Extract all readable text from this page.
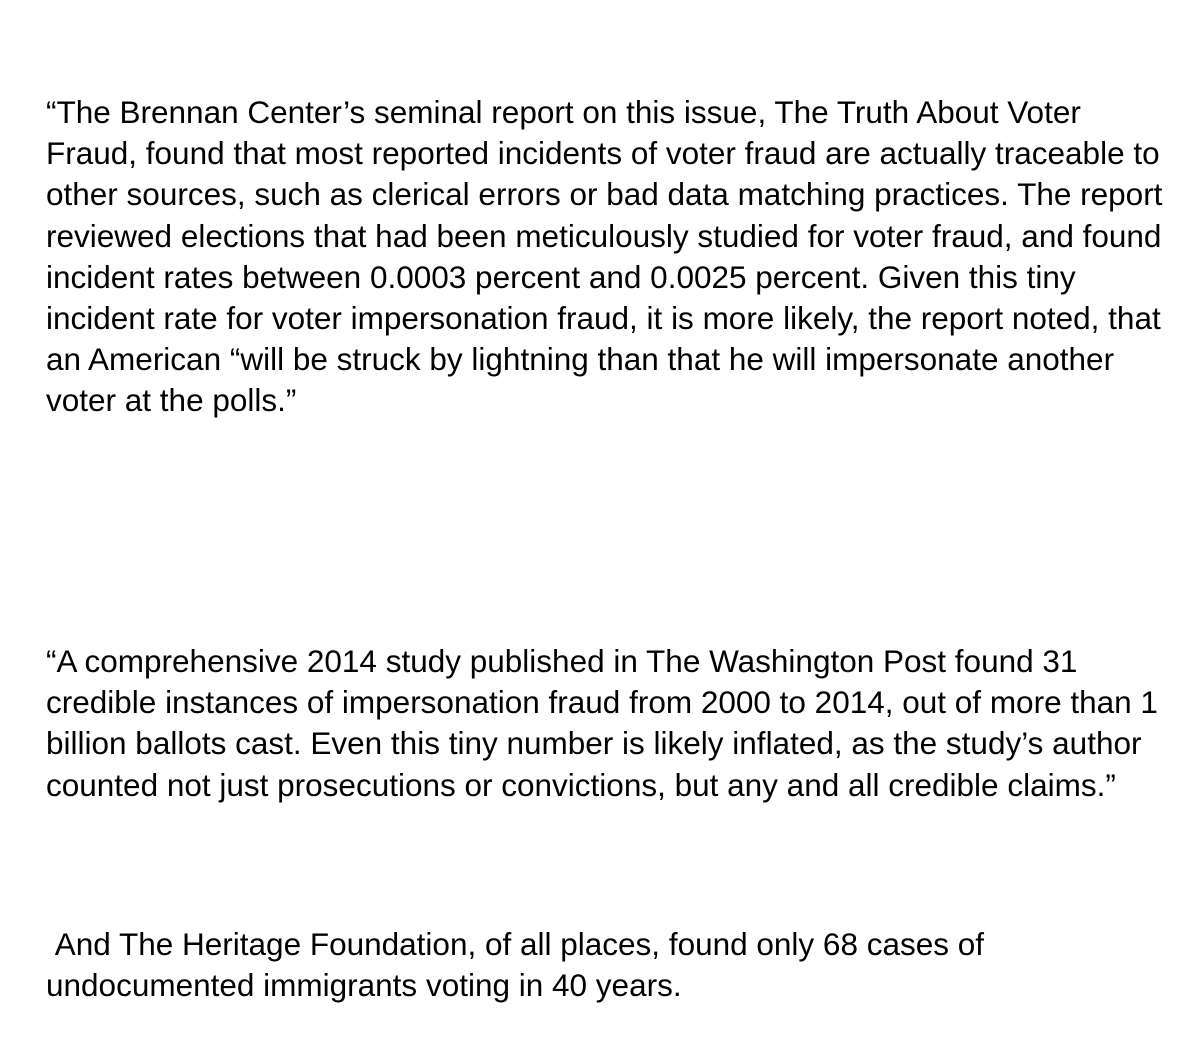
“The Brennan Center’s seminal report on this issue, The Truth About Voter Fraud, found that most reported incidents of voter fraud are actually traceable to other sources, such as clerical errors or bad data matching practices. The report reviewed elections that had been meticulously studied for voter fraud, and found incident rates between 0.0003 percent and 0.0025 percent. Given this tiny incident rate for voter impersonation fraud, it is more likely, the report noted, that an American “will be struck by lightning than that he will impersonate another voter at the polls.”

“A comprehensive 2014 study published in The Washington Post found 31 credible instances of impersonation fraud from 2000 to 2014, out of more than 1 billion ballots cast. Even this tiny number is likely inflated, as the study’s author counted not just prosecutions or convictions, but any and all credible claims.”

And The Heritage Foundation, of all places, found only 68 cases of undocumented immigrants voting in 40 years.
